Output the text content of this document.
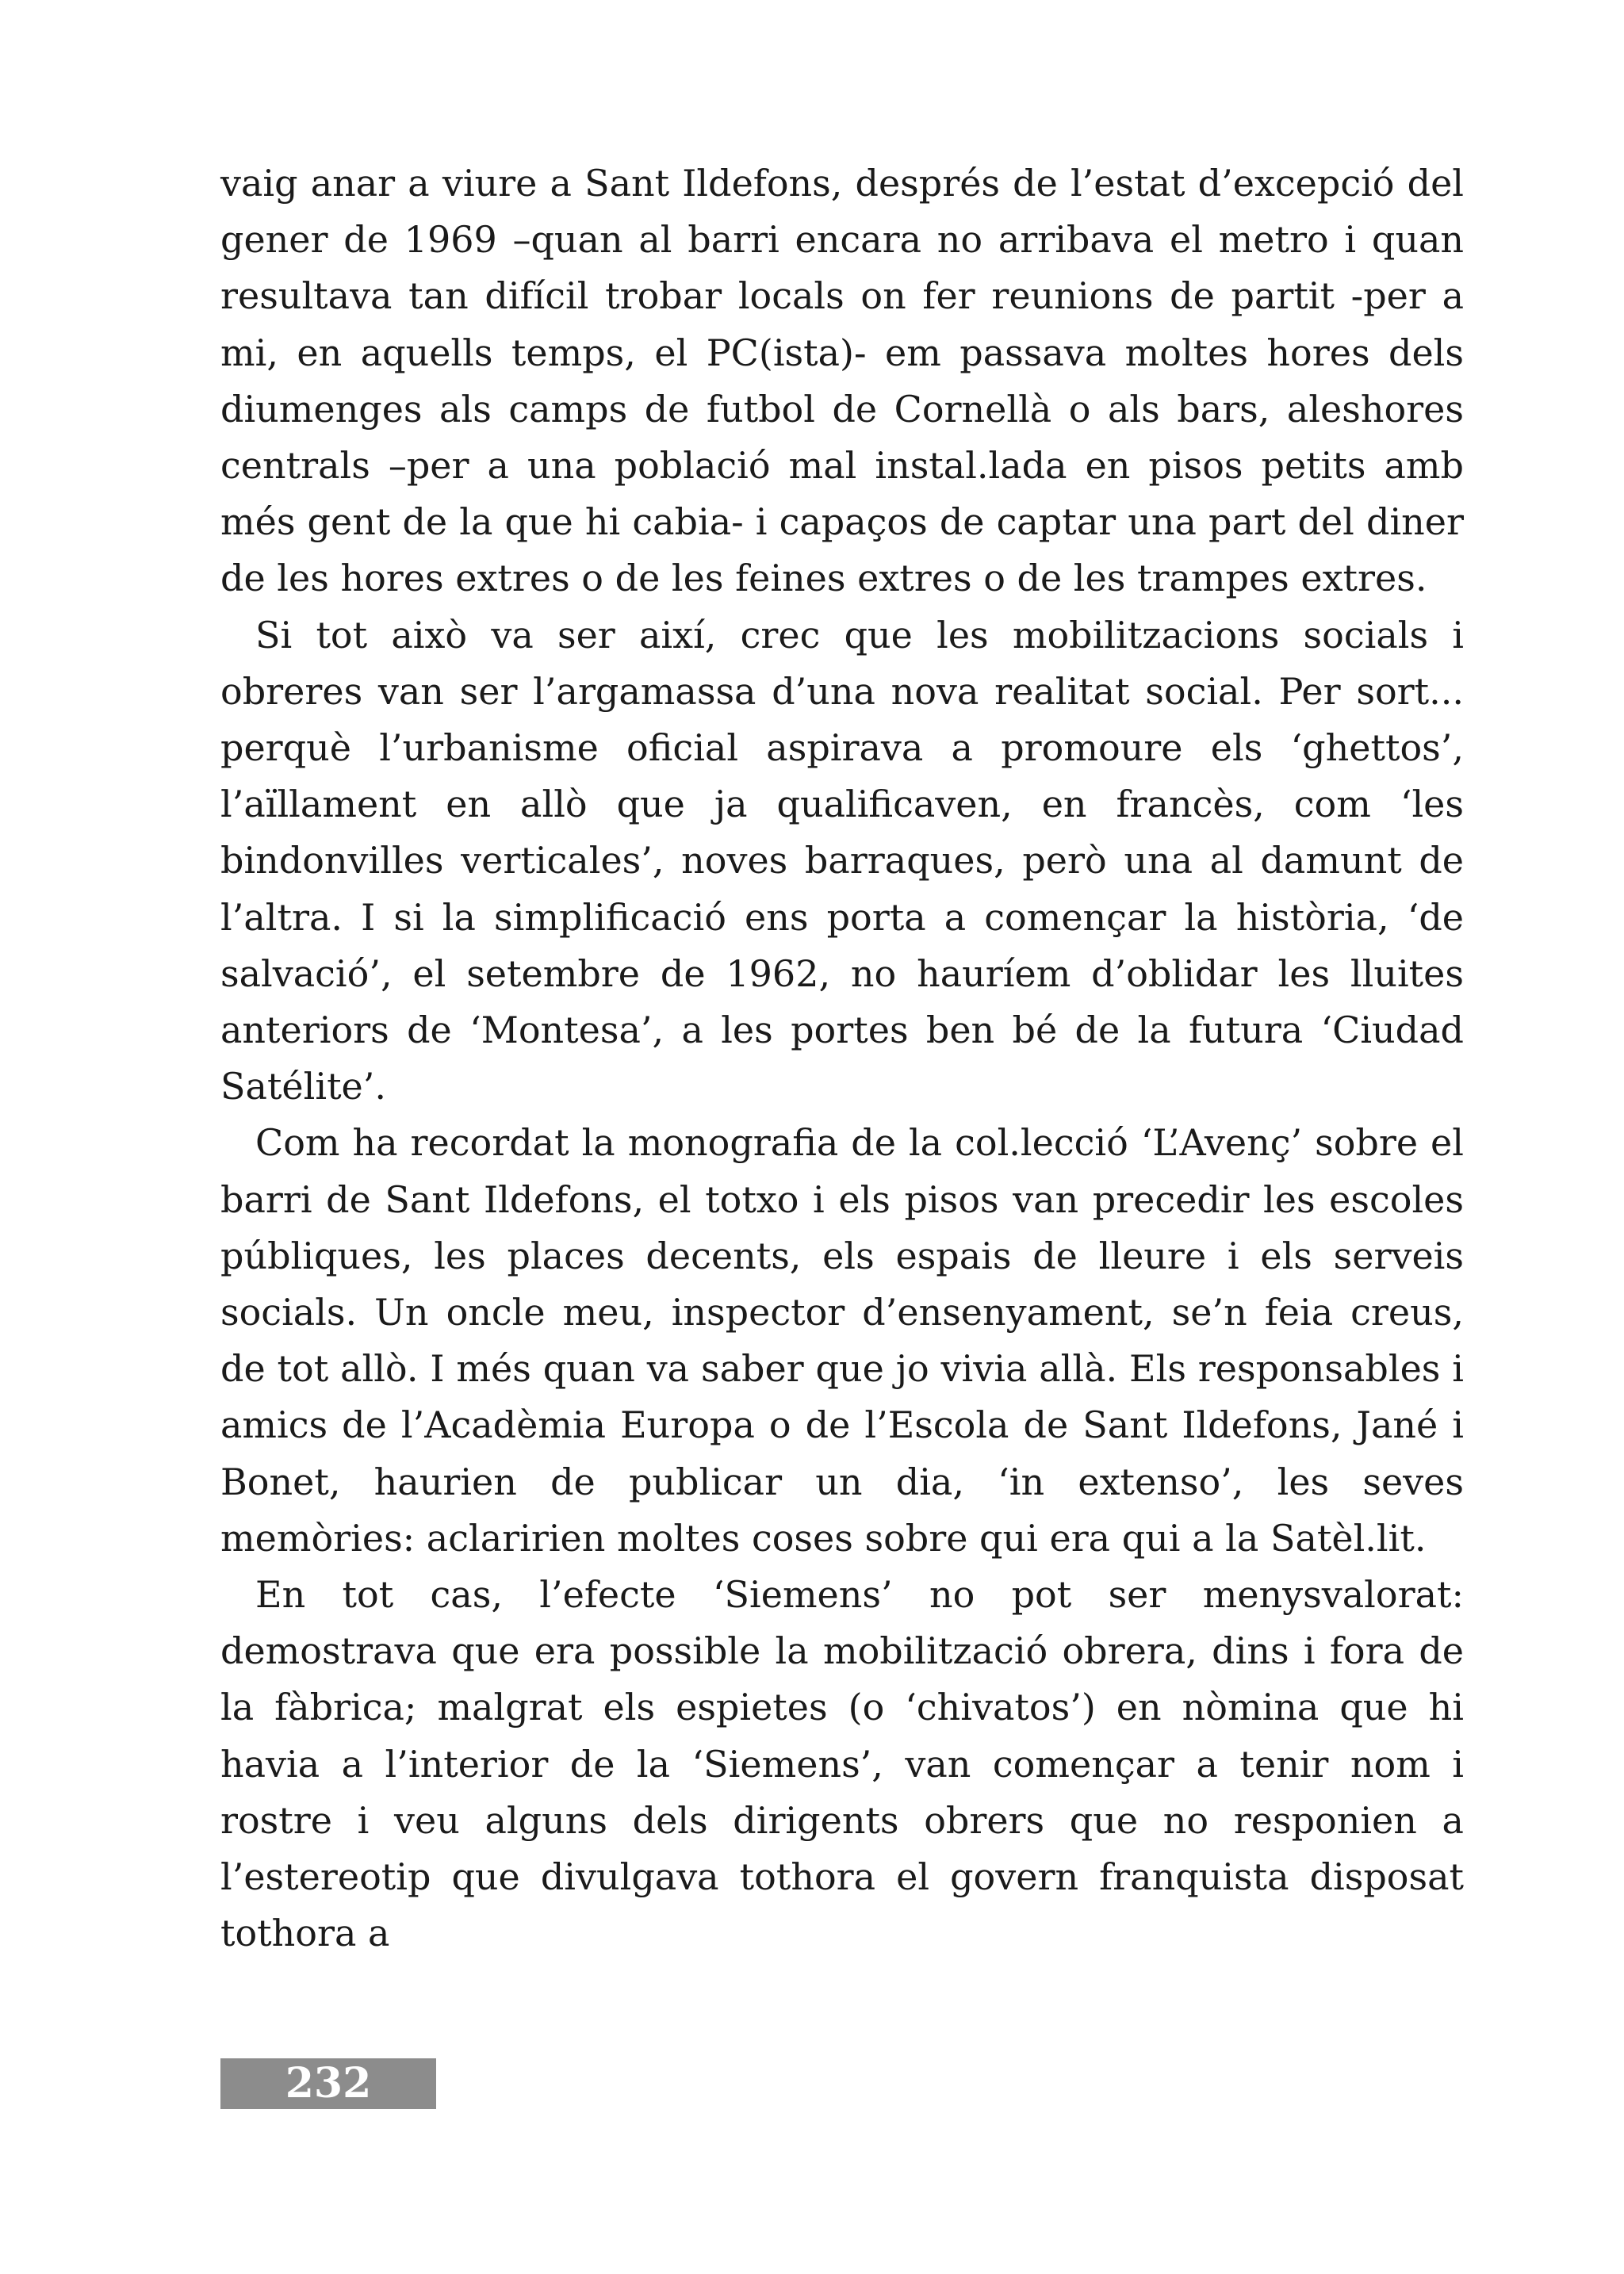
vaig anar a viure a Sant Ildefons, després de l’estat d’excepció del gener de 1969 –quan al barri encara no arribava el metro i quan resultava tan difícil trobar locals on fer reunions de partit -per a mi, en aquells temps, el PC(ista)- em passava moltes hores dels diumenges als camps de futbol de Cornellà o als bars, aleshores centrals –per a una població mal instal.lada en pisos petits amb més gent de la que hi cabia- i capaços de captar una part del diner de les hores extres o de les feines extres o de les trampes extres.

Si tot això va ser així, crec que les mobilitzacions socials i obreres van ser l’argamassa d’una nova realitat social. Per sort... perquè l’urbanisme oficial aspirava a promoure els ‘ghettos’, l’aïllament en allò que ja qualificaven, en francès, com ‘les bindonvilles verticales’, noves barraques, però una al damunt de l’altra. I si la simplificació ens porta a començar la història, ‘de salvació’, el setembre de 1962, no hauríem d’oblidar les lluites anteriors de ‘Montesa’, a les portes ben bé de la futura ‘Ciudad Satélite’.

Com ha recordat la monografia de la col.lecció ‘L’Avenç’ sobre el barri de Sant Ildefons, el totxo i els pisos van precedir les escoles públiques, les places decents, els espais de lleure i els serveis socials. Un oncle meu, inspector d’ensenyament, se’n feia creus, de tot allò. I més quan va saber que jo vivia allà. Els responsables i amics de l’Acadèmia Europa o de l’Escola de Sant Ildefons, Jané i Bonet, haurien de publicar un dia, ‘in extenso’, les seves memòries: aclaririen moltes coses sobre qui era qui a la Satèl.lit.

En tot cas, l’efecte ‘Siemens’ no pot ser menysvalorat: demostrava que era possible la mobilització obrera, dins i fora de la fàbrica; malgrat els espietes (o ‘chivatos’) en nòmina que hi havia a l’interior de la ‘Siemens’, van començar a tenir nom i rostre i veu alguns dels dirigents obrers que no responien a l’estereotip que divulgava tothora el govern franquista disposat tothora a

232
